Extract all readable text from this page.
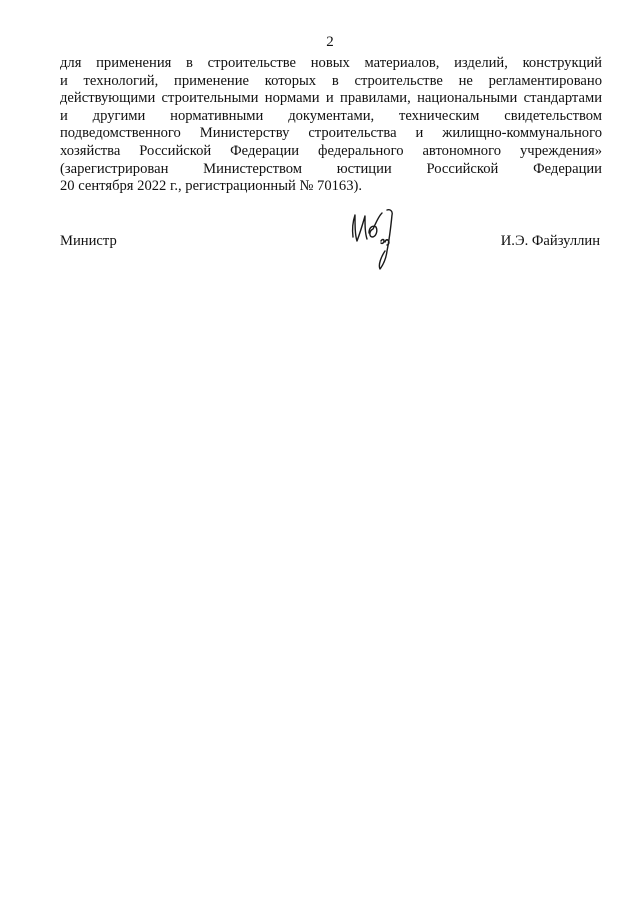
2
для применения в строительстве новых материалов, изделий, конструкций
и технологий, применение которых в строительстве не регламентировано
действующими строительными нормами и правилами, национальными стандартами
и другими нормативными документами, техническим свидетельством
подведомственного Министерству строительства и жилищно-коммунального
хозяйства Российской Федерации федерального автономного учреждения»
(зарегистрирован Министерством юстиции Российской Федерации
20 сентября 2022 г., регистрационный № 70163).
Министр	И.Э. Файзуллин
